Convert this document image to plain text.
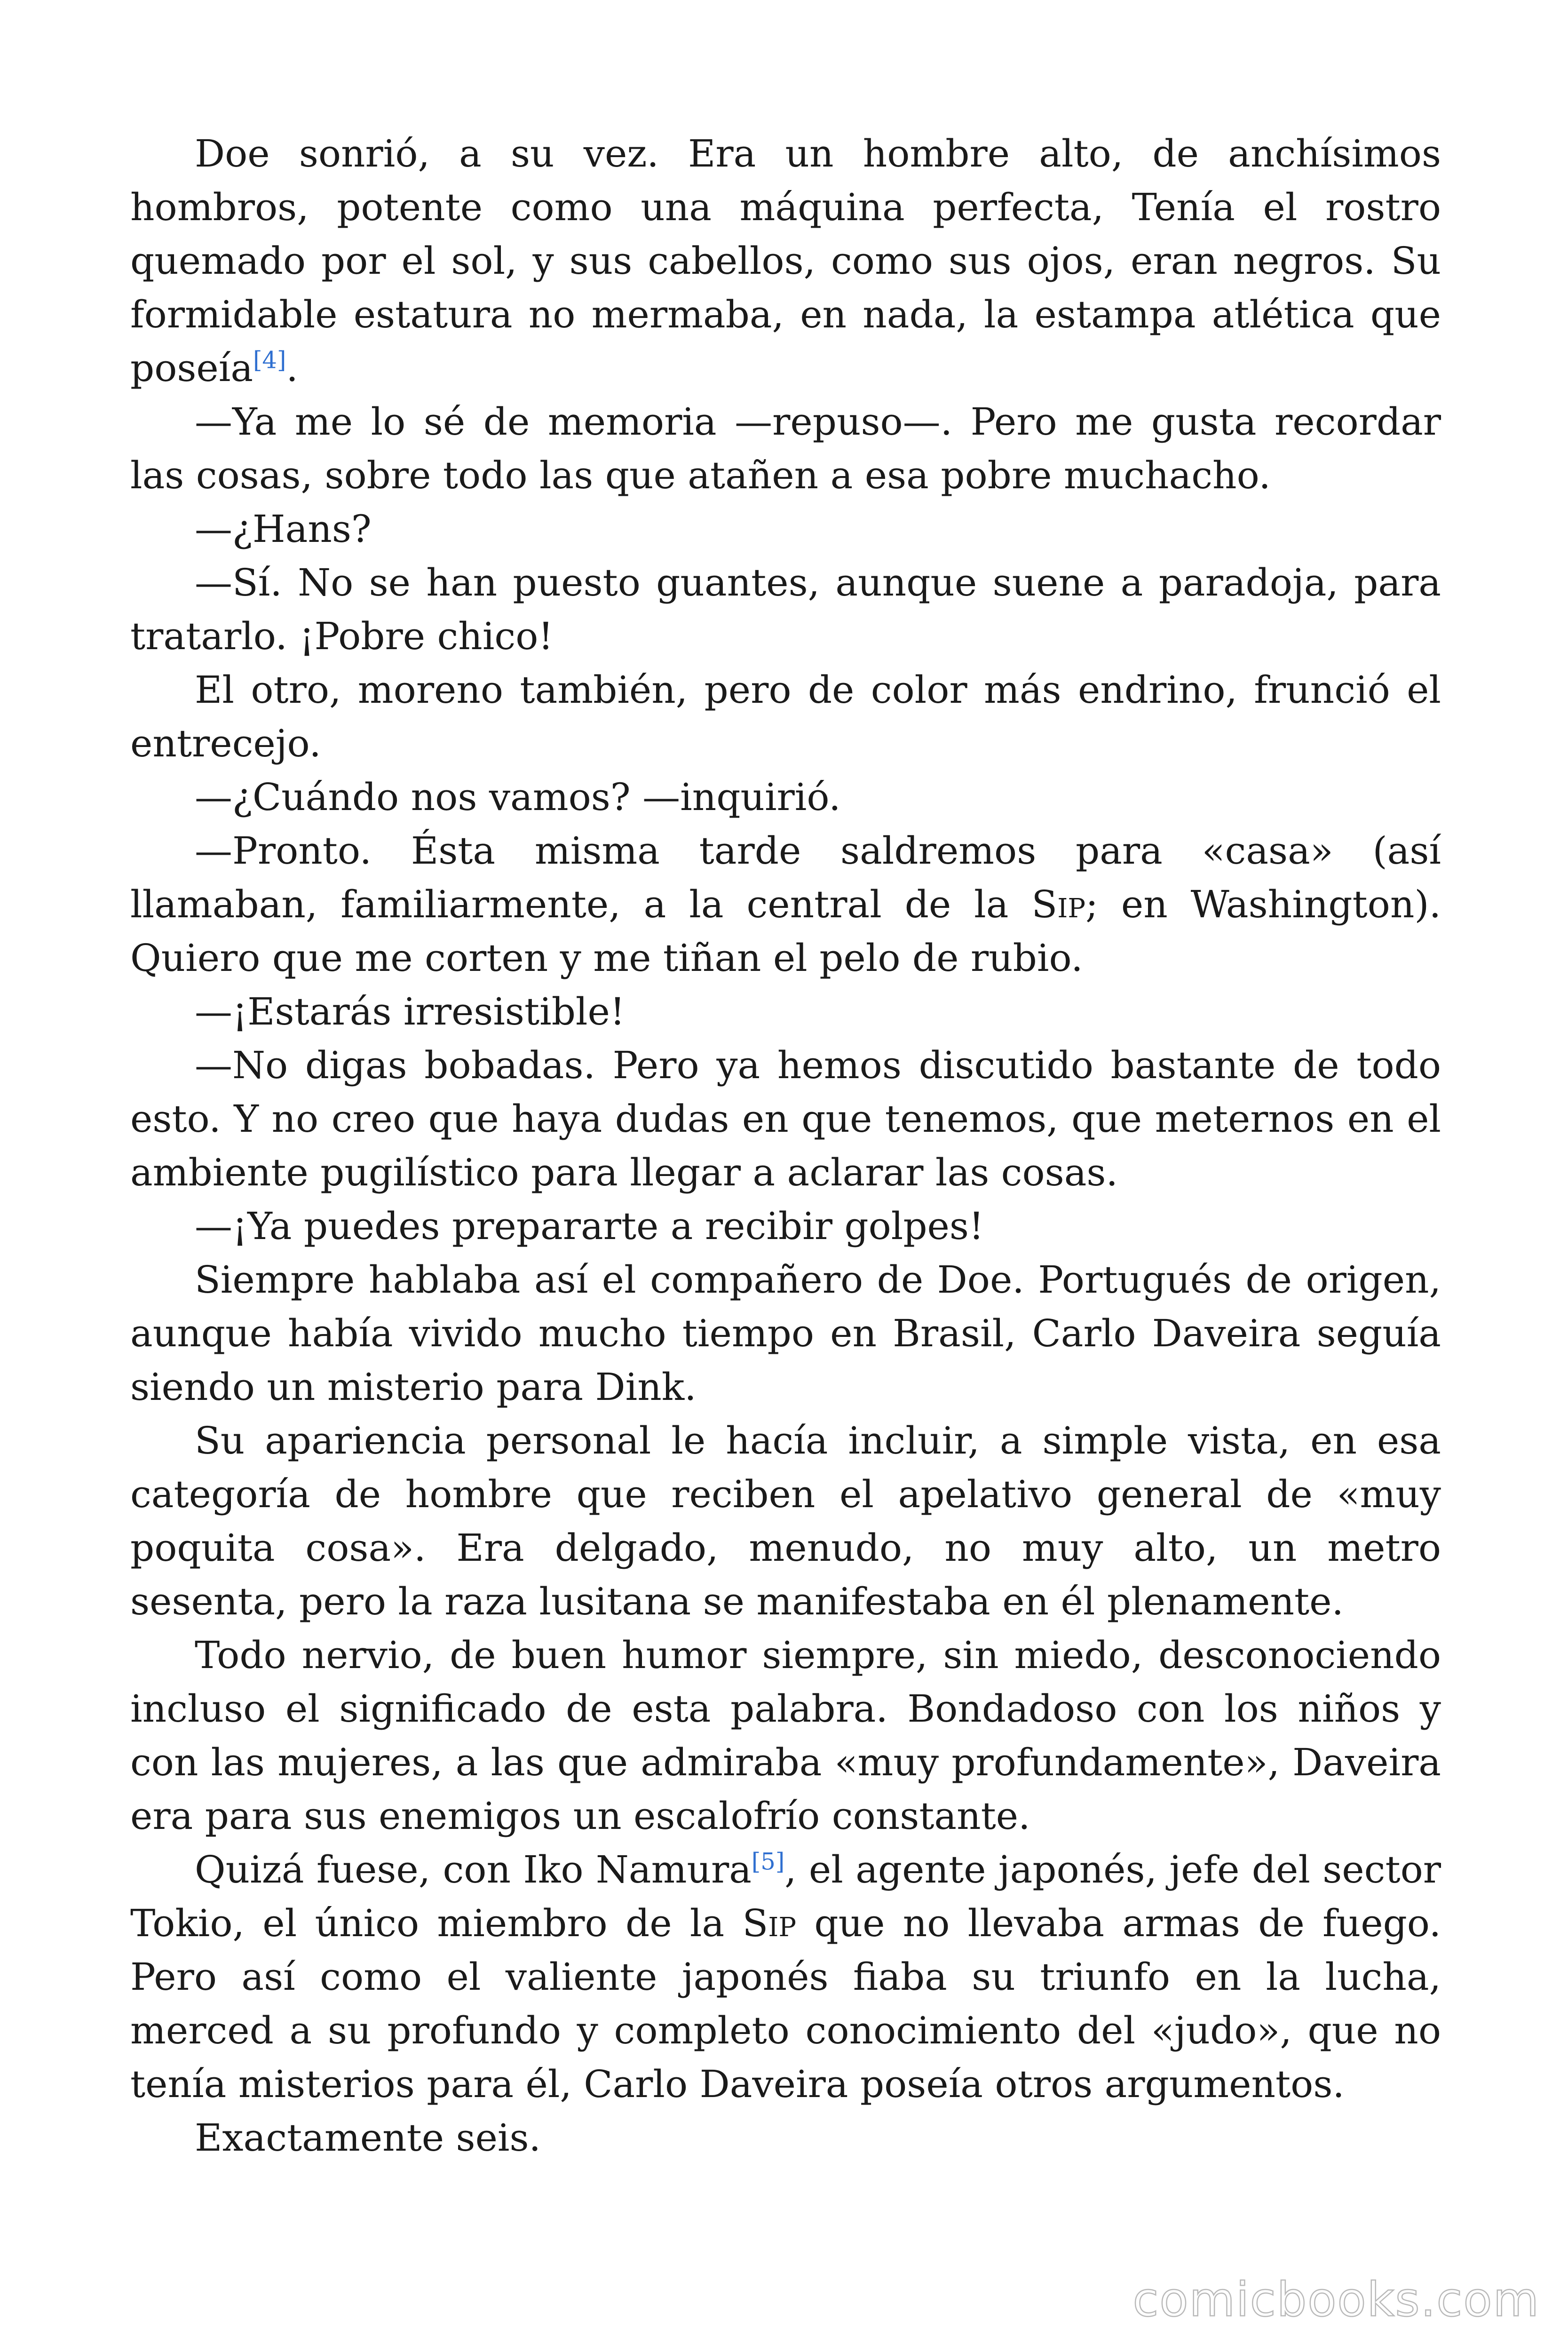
Doe sonrió, a su vez. Era un hombre alto, de anchísimos hombros, potente como una máquina perfecta, Tenía el rostro quemado por el sol, y sus cabellos, como sus ojos, eran negros. Su formidable estatura no mermaba, en nada, la estampa atlética que poseía[4].

—Ya me lo sé de memoria —repuso—. Pero me gusta recordar las cosas, sobre todo las que atañen a esa pobre muchacho.

—¿Hans?

—Sí. No se han puesto guantes, aunque suene a paradoja, para tratarlo. ¡Pobre chico!

El otro, moreno también, pero de color más endrino, frunció el entrecejo.

—¿Cuándo nos vamos? —inquirió.

—Pronto. Ésta misma tarde saldremos para «casa» (así llamaban, familiarmente, a la central de la Sip; en Washington). Quiero que me corten y me tiñan el pelo de rubio.

—¡Estarás irresistible!

—No digas bobadas. Pero ya hemos discutido bastante de todo esto. Y no creo que haya dudas en que tenemos, que meternos en el ambiente pugilístico para llegar a aclarar las cosas.

—¡Ya puedes prepararte a recibir golpes!

Siempre hablaba así el compañero de Doe. Portugués de origen, aunque había vivido mucho tiempo en Brasil, Carlo Daveira seguía siendo un misterio para Dink.

Su apariencia personal le hacía incluir, a simple vista, en esa categoría de hombre que reciben el apelativo general de «muy poquita cosa». Era delgado, menudo, no muy alto, un metro sesenta, pero la raza lusitana se manifestaba en él plenamente.

Todo nervio, de buen humor siempre, sin miedo, desconociendo incluso el significado de esta palabra. Bondadoso con los niños y con las mujeres, a las que admiraba «muy profundamente», Daveira era para sus enemigos un escalofrío constante.

Quizá fuese, con Iko Namura[5], el agente japonés, jefe del sector Tokio, el único miembro de la Sip que no llevaba armas de fuego. Pero así como el valiente japonés fiaba su triunfo en la lucha, merced a su profundo y completo conocimiento del «judo», que no tenía misterios para él, Carlo Daveira poseía otros argumentos.

Exactamente seis.

comicbooks.com
